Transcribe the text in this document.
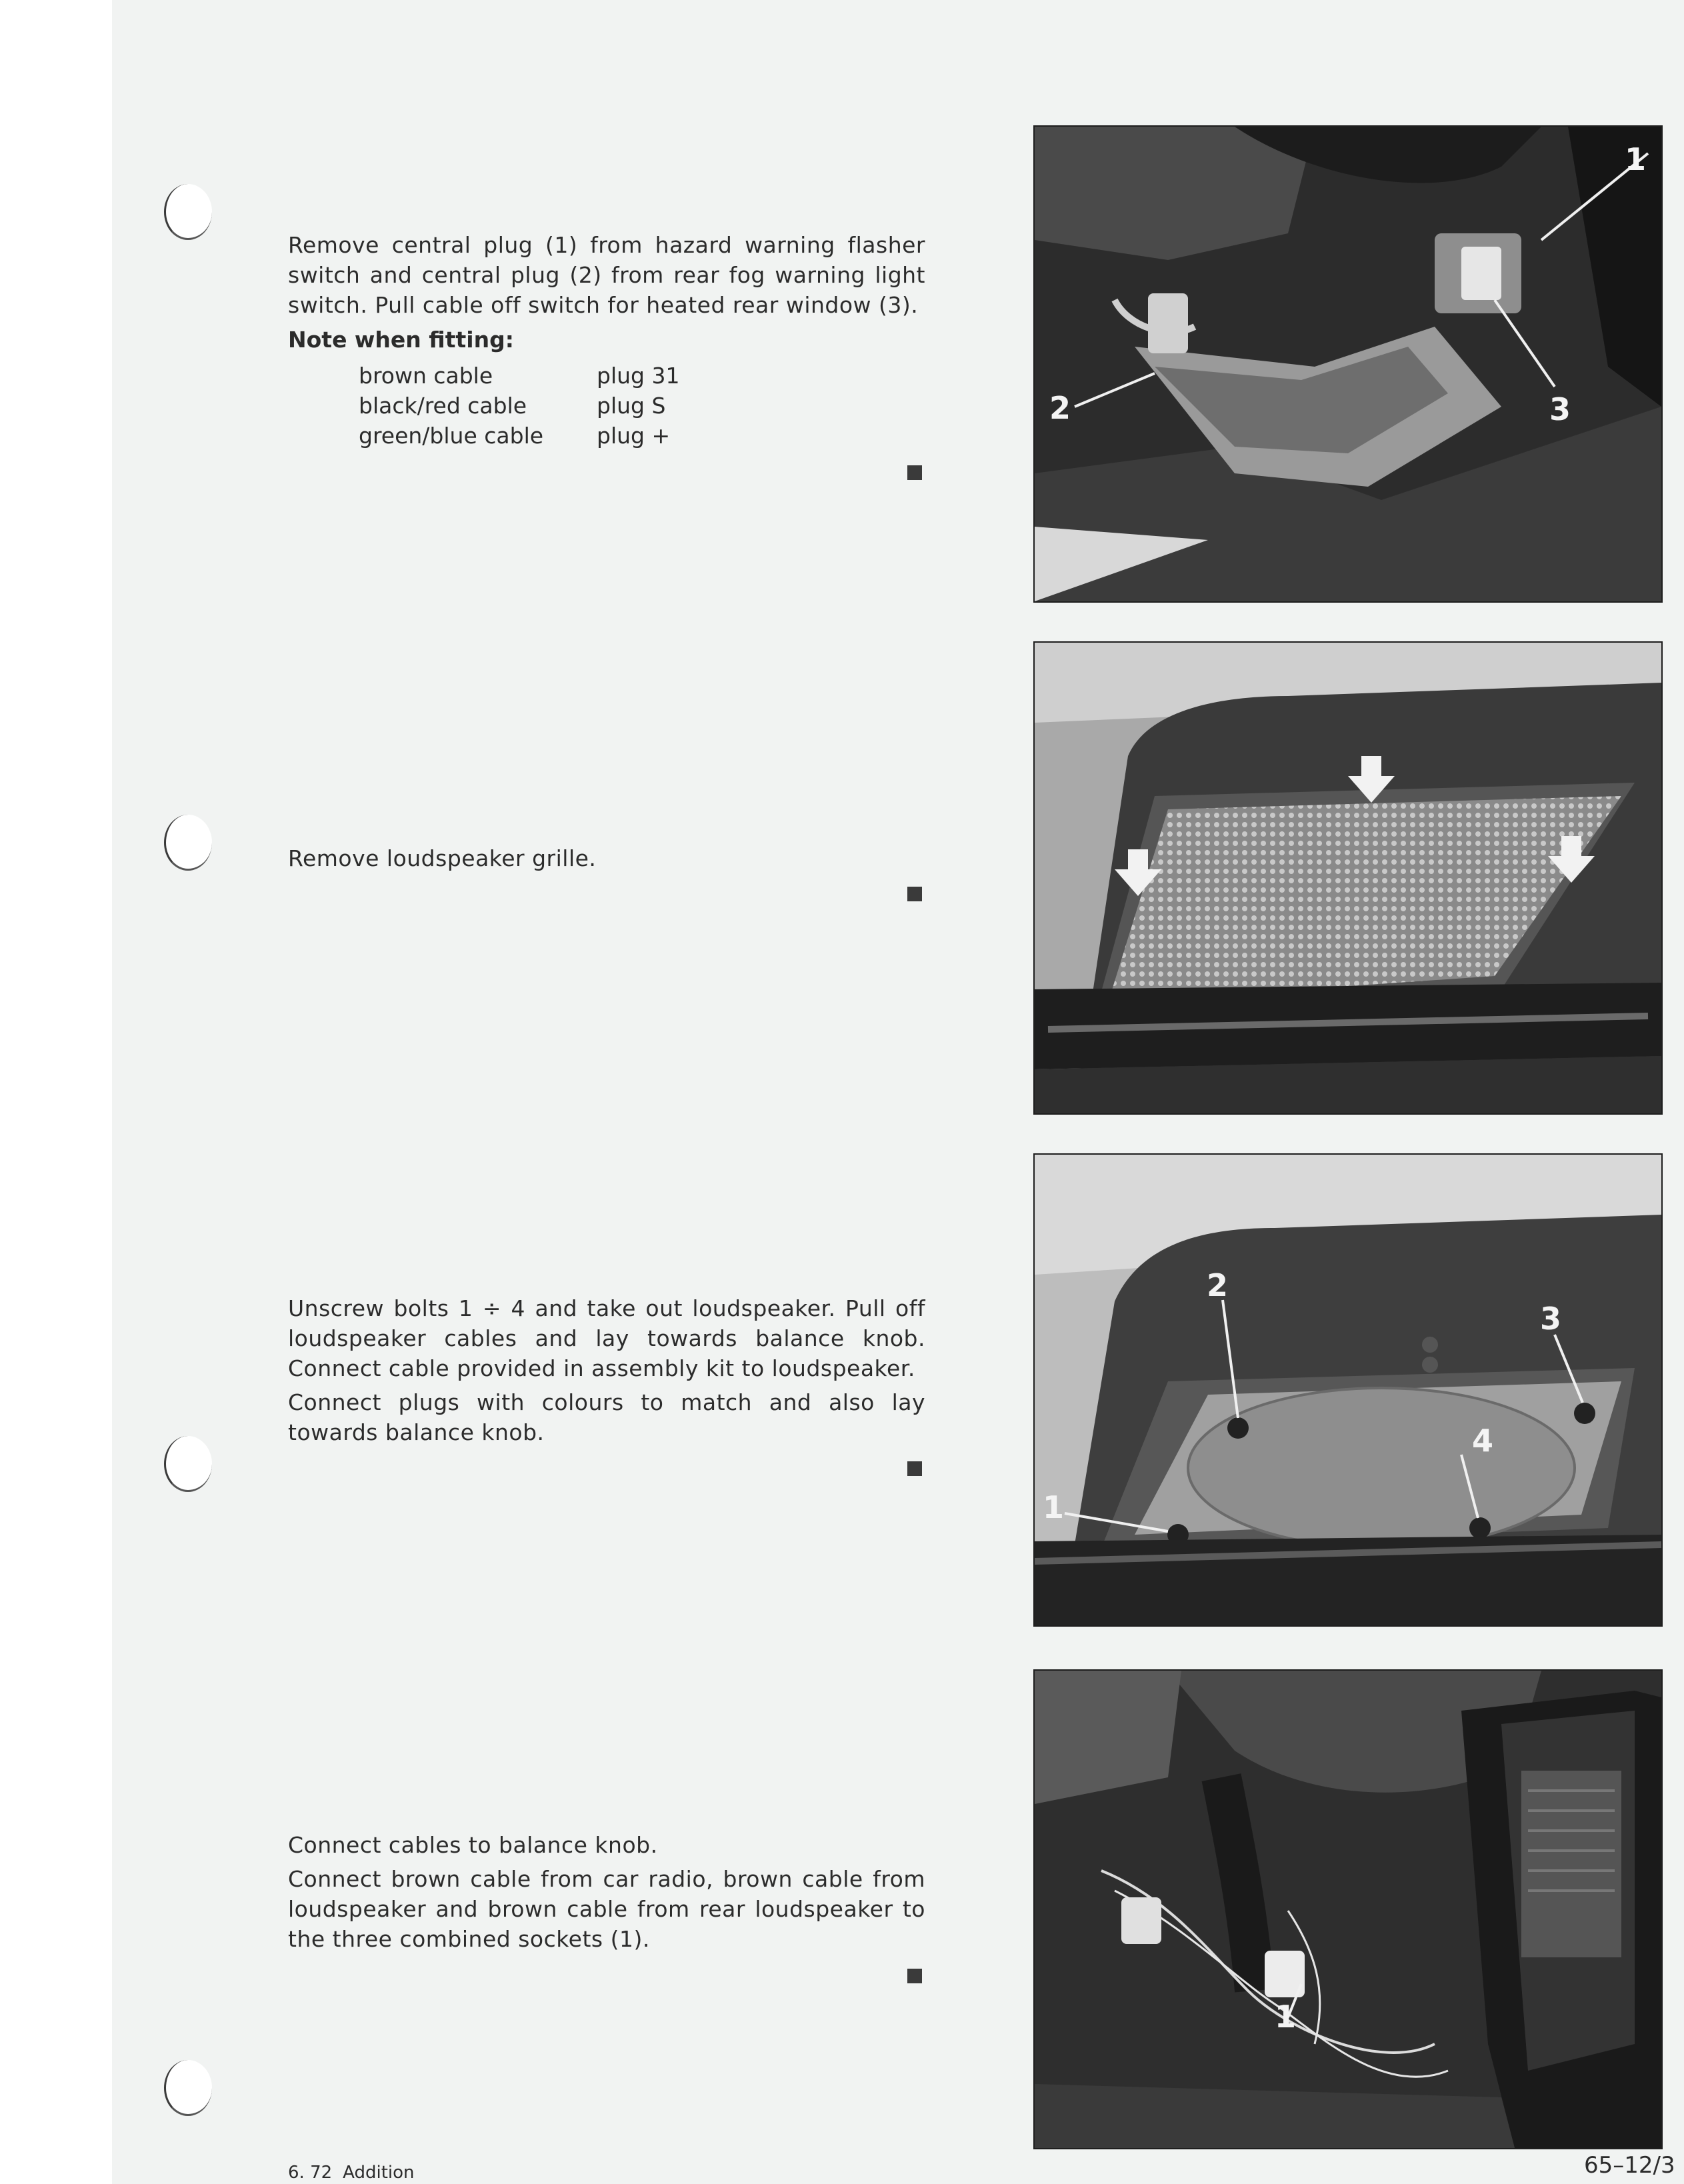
Remove central plug (1) from hazard warning flasher switch and central plug (2) from rear fog warning light switch. Pull cable off switch for heated rear window (3).

Note when fitting:
brown cable	plug 31
black/red cable	plug S
green/blue cable	plug +
1
2	3

Remove loudspeaker grille.

Unscrew bolts 1 ÷ 4 and take out loudspeaker. Pull off loudspeaker cables and lay towards balance knob. Connect cable provided in assembly kit to loudspeaker.

Connect plugs with colours to match and also lay towards balance knob.

2
3
4
1

Connect cables to balance knob.

Connect brown cable from car radio, brown cable from loudspeaker and brown cable from rear loudspeaker to the three combined sockets (1).

1
6. 72 Addition	65–12/3
